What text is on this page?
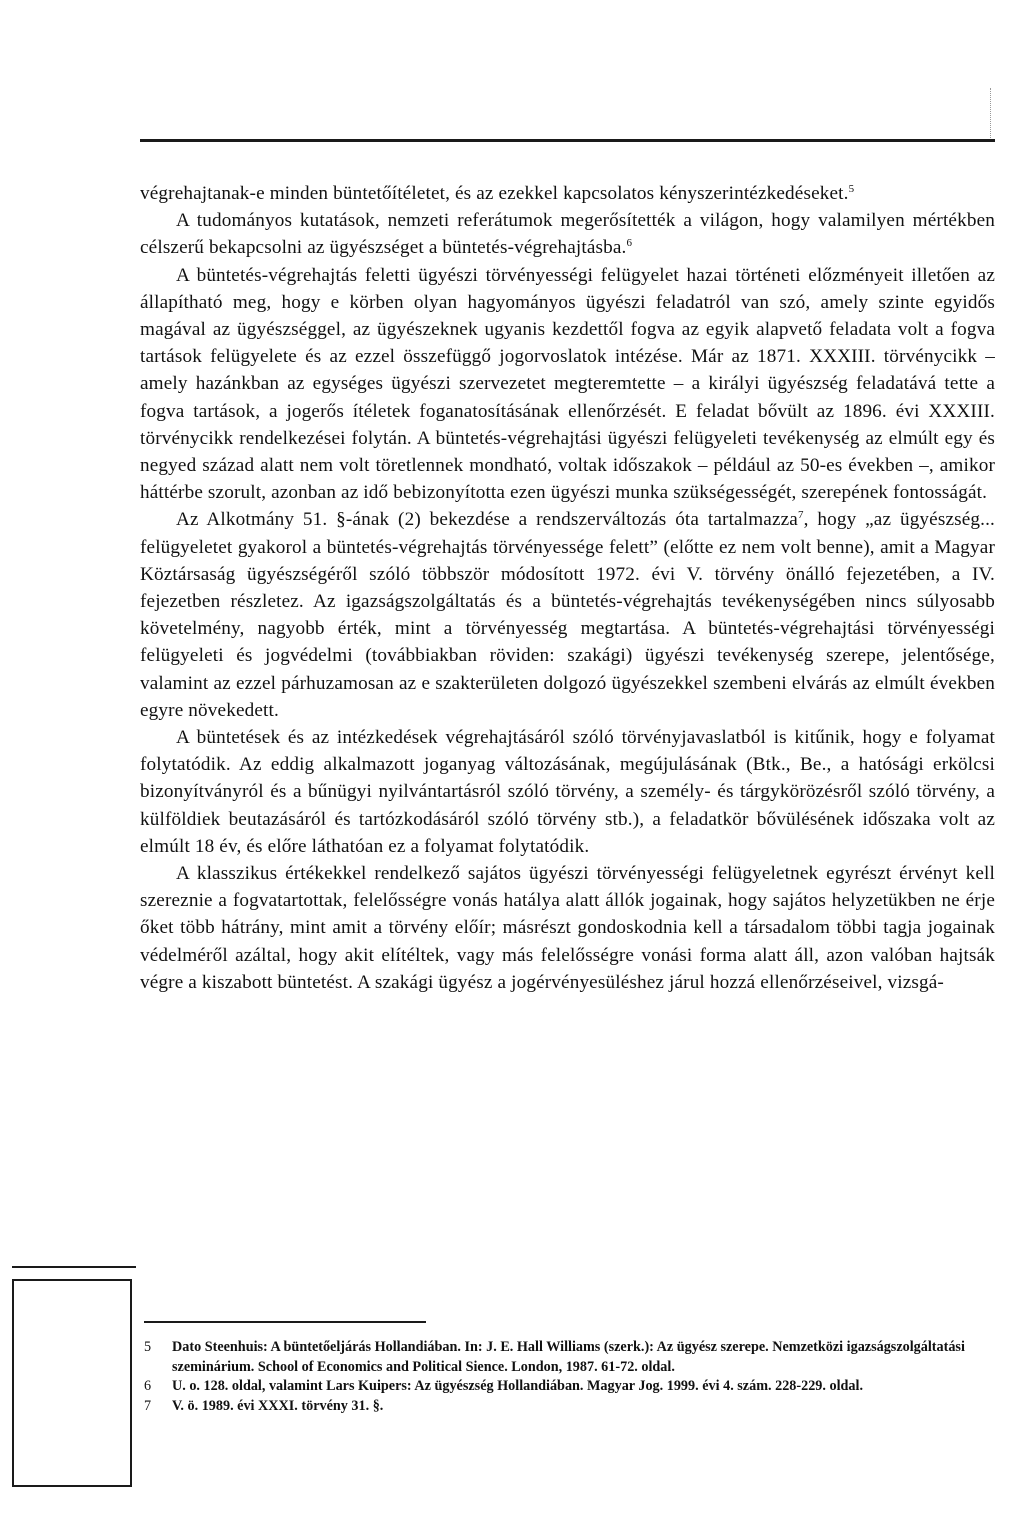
végrehajtanak-e minden büntetőítéletet, és az ezekkel kapcsolatos kényszerintézkedéseket.$^5$

A tudományos kutatások, nemzeti referátumok megerősítették a világon, hogy valamilyen mértékben célszerű bekapcsolni az ügyészséget a büntetés-végrehajtásba.$^6$

A büntetés-végrehajtás feletti ügyészi törvényességi felügyelet hazai történeti előzményeit illetően az állapítható meg, hogy e körben olyan hagyományos ügyészi feladatról van szó, amely szinte egyidős magával az ügyészséggel, az ügyészeknek ugyanis kezdettől fogva az egyik alapvető feladata volt a fogva tartások felügyelete és az ezzel összefüggő jogorvoslatok intézése. Már az 1871. XXXIII. törvénycikk – amely hazánkban az egységes ügyészi szervezetet megteremtette – a királyi ügyészség feladatává tette a fogva tartások, a jogerős ítéletek foganatosításának ellenőrzését. E feladat bővült az 1896. évi XXXIII. törvénycikk rendelkezései folytán. A büntetés-végrehajtási ügyészi felügyeleti tevékenység az elmúlt egy és negyed század alatt nem volt töretlennek mondható, voltak időszakok – például az 50-es években –, amikor háttérbe szorult, azonban az idő bebizonyította ezen ügyészi munka szükségességét, szerepének fontosságát.

Az Alkotmány 51. §-ának (2) bekezdése a rendszerváltozás óta tartalmazza$^7$, hogy „az ügyészség... felügyeletet gyakorol a büntetés-végrehajtás törvényessége felett” (előtte ez nem volt benne), amit a Magyar Köztársaság ügyészségéről szóló többször módosított 1972. évi V. törvény önálló fejezetében, a IV. fejezetben részletez. Az igazságszolgáltatás és a büntetés-végrehajtás tevékenységében nincs súlyosabb követelmény, nagyobb érték, mint a törvényesség megtartása. A büntetés-végrehajtási törvényességi felügyeleti és jogvédelmi (továbbiakban röviden: szakági) ügyészi tevékenység szerepe, jelentősége, valamint az ezzel párhuzamosan az e szakterületen dolgozó ügyészekkel szembeni elvárás az elmúlt években egyre növekedett.

A büntetések és az intézkedések végrehajtásáról szóló törvényjavaslatból is kitűnik, hogy e folyamat folytatódik. Az eddig alkalmazott joganyag változásának, megújulásának (Btk., Be., a hatósági erkölcsi bizonyítványról és a bűnügyi nyilvántartásról szóló törvény, a személy- és tárgykörözésről szóló törvény, a külföldiek beutazásáról és tartózkodásáról szóló törvény stb.), a feladatkör bővülésének időszaka volt az elmúlt 18 év, és előre láthatóan ez a folyamat folytatódik.

A klasszikus értékekkel rendelkező sajátos ügyészi törvényességi felügyeletnek egyrészt érvényt kell szereznie a fogvatartottak, felelősségre vonás hatálya alatt állók jogainak, hogy sajátos helyzetükben ne érje őket több hátrány, mint amit a törvény előír; másrészt gondoskodnia kell a társadalom többi tagja jogainak védelméről azáltal, hogy akit elítéltek, vagy más felelősségre vonási forma alatt áll, azon valóban hajtsák végre a kiszabott büntetést. A szakági ügyész a jogérvényesüléshez járul hozzá ellenőrzéseivel, vizsgá-

5	Dato Steenhuis: A büntetőeljárás Hollandiában. In: J. E. Hall Williams (szerk.): Az ügyész szerepe. Nemzetközi igazságszolgáltatási szeminárium. School of Economics and Political Sience. London, 1987. 61-72. oldal.
6	U. o. 128. oldal, valamint Lars Kuipers: Az ügyészség Hollandiában. Magyar Jog. 1999. évi 4. szám. 228-229. oldal.
7	V. ö. 1989. évi XXXI. törvény 31. §.
